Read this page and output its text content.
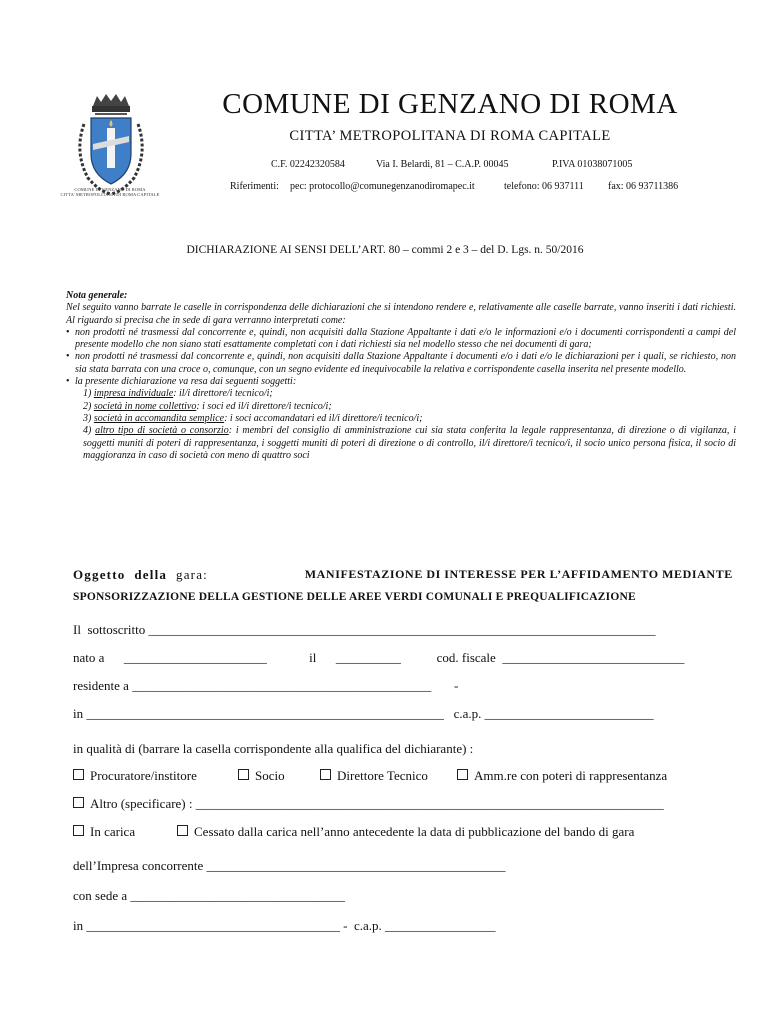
COMUNE DI GENZANO DI ROMA
CITTA' METROPOLITANA DI ROMA CAPITALE
COMUNE DI GENZANO DI ROMA
CITTA’ METROPOLITANA DI ROMA CAPITALE
C.F. 02242320584	Via I. Belardi, 81 – C.A.P. 00045	P.IVA 01038071005
Riferimenti: pec: protocollo@comunegenzanodiromapec.it	telefono: 06 937111 fax: 06 93711386
DICHIARAZIONE AI SENSI DELL’ART. 80 – commi 2 e 3 – del D. Lgs. n. 50/2016

Nota generale:

Nel seguito vanno barrate le caselle in corrispondenza delle dichiarazioni che si intendono rendere e, relativamente alle caselle barrate, vanno inseriti i dati richiesti. Al riguardo si precisa che in sede di gara verranno interpretati come:

• non prodotti né trasmessi dal concorrente e, quindi, non acquisiti dalla Stazione Appaltante i dati e/o le informazioni e/o i documenti corrispondenti a campi del presente modello che non siano stati esattamente completati con i dati richiesti sia nel modello stesso che nei documenti di gara;

• non prodotti né trasmessi dal concorrente e, quindi, non acquisiti dalla Stazione Appaltante i documenti e/o i dati e/o le dichiarazioni per i quali, se richiesto, non sia stata barrata con una croce o, comunque, con un segno evidente ed inequivocabile la relativa e corrispondente casella inserita nel presente modello.

• la presente dichiarazione va resa dai seguenti soggetti:

1) impresa individuale: il/i direttore/i tecnico/i;

2) società in nome collettivo: i soci ed il/i direttore/i tecnico/i;

3) società in accomandita semplice: i soci accomandatari ed il/i direttore/i tecnico/i;

4) altro tipo di società o consorzio: i membri del consiglio di amministrazione cui sia stata conferita la legale rappresentanza, di direzione o di vigilanza, i soggetti muniti di poteri di rappresentanza, i soggetti muniti di poteri di direzione o di controllo, il/i direttore/i tecnico/i, il socio unico persona fisica, il socio di maggioranza in caso di società con meno di quattro soci

Oggetto della gara:	MANIFESTAZIONE DI INTERESSE PER L’AFFIDAMENTO MEDIANTE
SPONSORIZZAZIONE DELLA GESTIONE DELLE AREE VERDI COMUNALI E PREQUALIFICAZIONE
Il  sottoscritto ______________________________________________________________________________
nato a      ______________________             il      __________           cod. fiscale  ____________________________
residente a ______________________________________________       -
in _______________________________________________________   c.a.p. __________________________
in qualità di (barrare la casella corrispondente alla qualifica del dichiarante) :
Procuratore/institore	Socio	Direttore Tecnico	Amm.re con poteri di rappresentanza
Altro (specificare) : ________________________________________________________________________
In carica	Cessato dalla carica nell’anno antecedente la data di pubblicazione del bando di gara
dell’Impresa concorrente ______________________________________________
con sede a _________________________________
in _______________________________________ -  c.a.p. _________________
